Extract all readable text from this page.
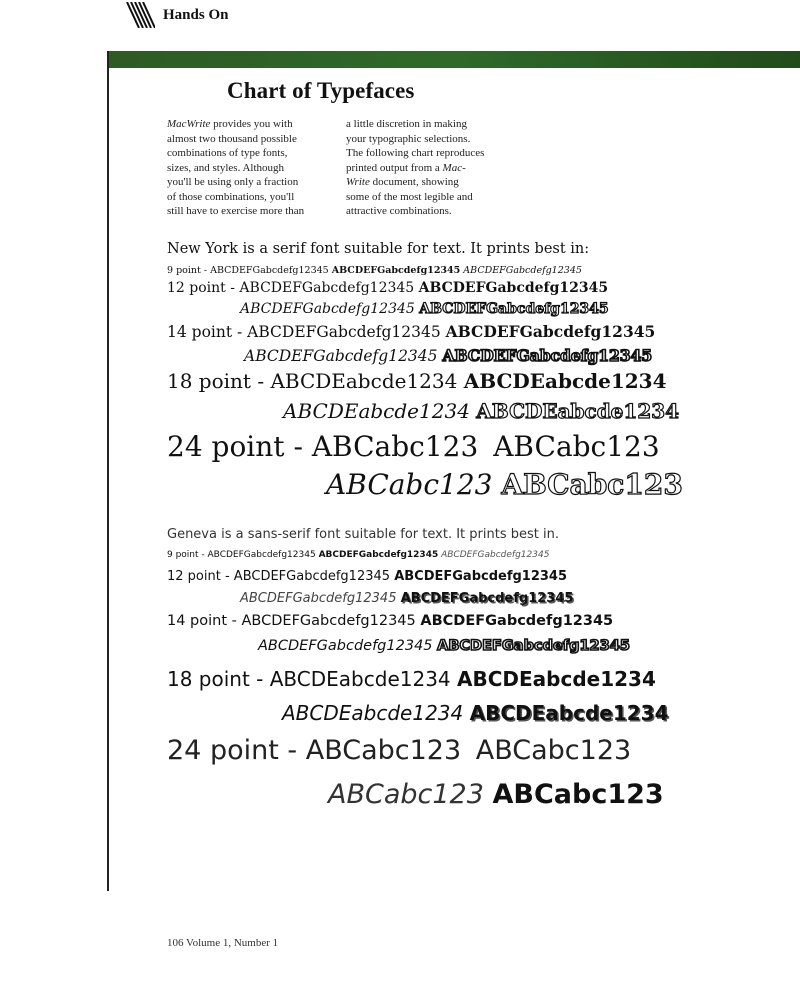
Hands On
Chart of Typefaces
MacWrite provides you with
almost two thousand possible
combinations of type fonts,
sizes, and styles. Although
you'll be using only a fraction
of those combinations, you'll
still have to exercise more than
a little discretion in making
your typographic selections.
The following chart reproduces
printed output from a Mac-
Write document, showing
some of the most legible and
attractive combinations.
New York is a serif font suitable for text. It prints best in:
9 point - ABCDEFGabcdefg12345 ABCDEFGabcdefg12345 ABCDEFGabcdefg12345
12 point - ABCDEFGabcdefg12345 ABCDEFGabcdefg12345
ABCDEFGabcdefg12345 ABCDEFGabcdefg12345
14 point - ABCDEFGabcdefg12345 ABCDEFGabcdefg12345
ABCDEFGabcdefg12345 ABCDEFGabcdefg12345
18 point - ABCDEabcde1234 ABCDEabcde1234
ABCDEabcde1234 ABCDEabcde1234
24 point - ABCabc123 ABCabc123
ABCabc123 ABCabc123
Geneva is a sans-serif font suitable for text. It prints best in.
9 point - ABCDEFGabcdefg12345 ABCDEFGabcdefg12345 ABCDEFGabcdefg12345
12 point - ABCDEFGabcdefg12345 ABCDEFGabcdefg12345
ABCDEFGabcdefg12345 ABCDEFGabcdefg12345
14 point - ABCDEFGabcdefg12345 ABCDEFGabcdefg12345
ABCDEFGabcdefg12345 ABCDEFGabcdefg12345
18 point - ABCDEabcde1234 ABCDEabcde1234
ABCDEabcde1234 ABCDEabcde1234
24 point - ABCabc123 ABCabc123
ABCabc123 ABCabc123
106 Volume 1, Number 1
